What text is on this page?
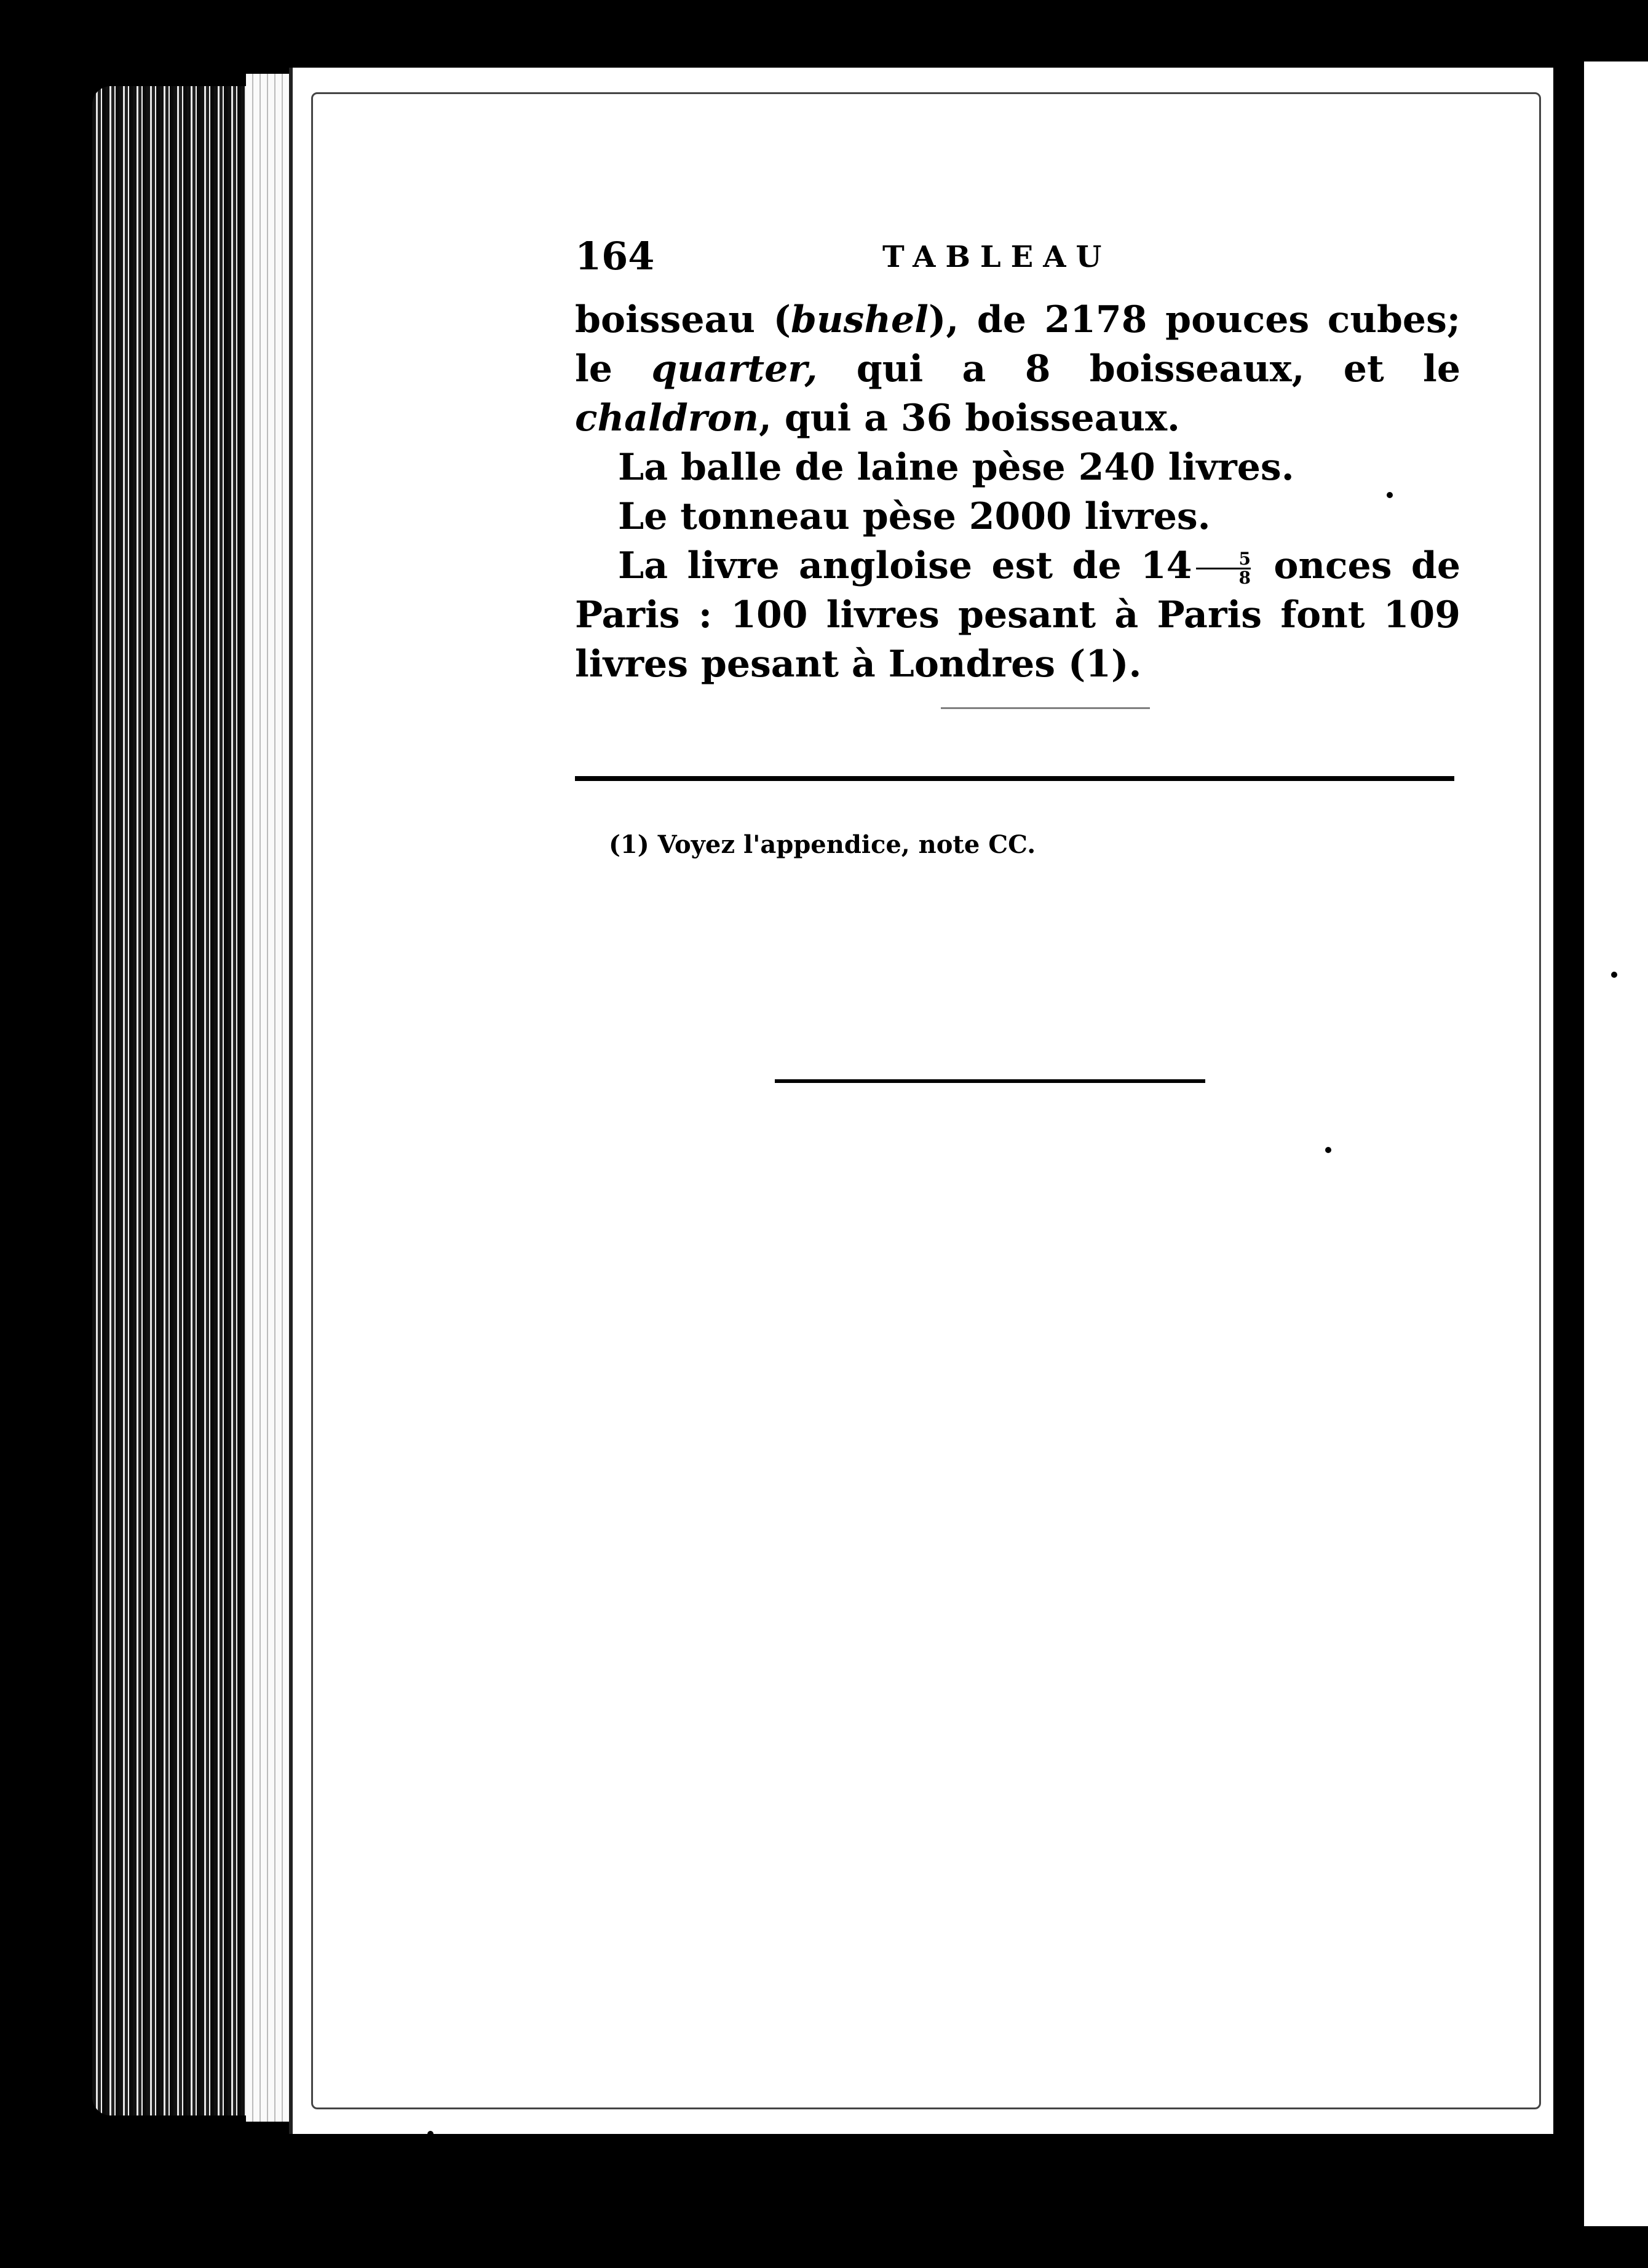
164	TABLEAU

boisseau (bushel), de 2178 pouces cubes; le quarter, qui a 8 boisseaux, et le chaldron, qui a 36 boisseaux.

La balle de laine pèse 240 livres.

Le tonneau pèse 2000 livres.

La livre angloise est de $14 \frac{5}{8}$ onces de Paris : 100 livres pesant à Paris font 109 livres pesant à Londres (1).

(1) Voyez l'appendice, note CC.
